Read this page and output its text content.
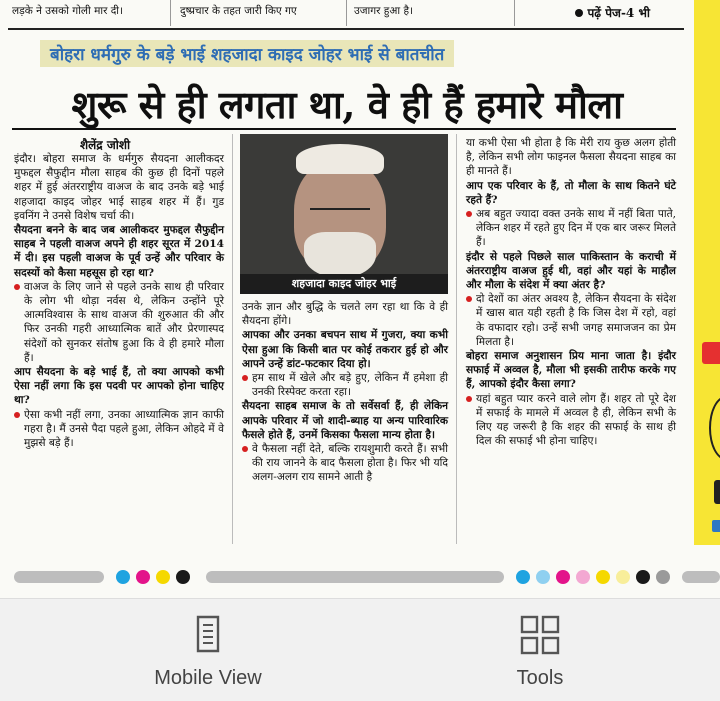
लड़के ने उसको गोली मार दी।	दुष्प्रचार के तहत जारी किए गए	उजागर हुआ है।	पढ़ें पेज-4 भी
बोहरा धर्मगुरु के बड़े भाई शहजादा काइद जोहर भाई से बातचीत
शुरू से ही लगता था, वे ही हैं हमारे मौला
शैलेंद्र जोशी

इंदौर। बोहरा समाज के धर्मगुरु सैयदना आलीकदर मुफद्दल सैफुद्दीन मौला साहब की कुछ ही दिनों पहले शहर में हुई अंतरराष्ट्रीय वाअज के बाद उनके बड़े भाई शहजादा काइद जोहर भाई साहब शहर में हैं। गुड इवनिंग ने उनसे विशेष चर्चा की।

सैयदना बनने के बाद जब आलीकदर मुफद्दल सैफुद्दीन साहब ने पहली वाअज अपने ही शहर सूरत में 2014 में दी। इस पहली वाअज के पूर्व उन्हें और परिवार के सदस्यों को कैसा महसूस हो रहा था?

वाअज के लिए जाने से पहले उनके साथ ही परिवार के लोग भी थोड़ा नर्वस थे, लेकिन उन्होंने पूरे आत्मविश्वास के साथ वाअज की शुरुआत की और फिर उनकी गहरी आध्यात्मिक बातें और प्रेरणास्पद संदेशों को सुनकर संतोष हुआ कि वे ही हमारे मौला हैं।

आप सैयदना के बड़े भाई हैं, तो क्या आपको कभी ऐसा नहीं लगा कि इस पदवी पर आपको होना चाहिए था?

ऐसा कभी नहीं लगा, उनका आध्यात्मिक ज्ञान काफी गहरा है। मैं उनसे पैदा पहले हुआ, लेकिन ओहदे में वे मुझसे बड़े हैं।

शहजादा काइद जोहर भाई

उनके ज्ञान और बुद्धि के चलते लग रहा था कि वे ही सैयदना होंगे।

आपका और उनका बचपन साथ में गुजरा, क्या कभी ऐसा हुआ कि किसी बात पर कोई तकरार हुई हो और आपने उन्हें डांट-फटकार दिया हो।

हम साथ में खेले और बड़े हुए, लेकिन मैं हमेशा ही उनकी रिस्पेक्ट करता रहा।

सैयदना साहब समाज के तो सर्वेसर्वा हैं, ही लेकिन आपके परिवार में जो शादी-ब्याह या अन्य पारिवारिक फैसले होते हैं, उनमें किसका फैसला मान्य होता है।

वे फैसला नहीं देते, बल्कि रायशुमारी करते हैं। सभी की राय जानने के बाद फैसला होता है। फिर भी यदि अलग-अलग राय सामने आती है

या कभी ऐसा भी होता है कि मेरी राय कुछ अलग होती है, लेकिन सभी लोग फाइनल फैसला सैयदना साहब का ही मानते हैं।

आप एक परिवार के हैं, तो मौला के साथ कितने घंटे रहते हैं?

अब बहुत ज्यादा वक्त उनके साथ में नहीं बिता पाते, लेकिन शहर में रहते हुए दिन में एक बार जरूर मिलते हैं।

इंदौर से पहले पिछले साल पाकिस्तान के कराची में अंतरराष्ट्रीय वाअज हुई थी, वहां और यहां के माहौल और मौला के संदेश में क्या अंतर है?

दो देशों का अंतर अवश्य है, लेकिन सैयदना के संदेश में खास बात यही रहती है कि जिस देश में रहो, वहां के वफादार रहो। उन्हें सभी जगह समाजजन का प्रेम मिलता है।

बोहरा समाज अनुशासन प्रिय माना जाता है। इंदौर सफाई में अव्वल है, मौला भी इसकी तारीफ करके गए हैं, आपको इंदौर कैसा लगा?

यहां बहुत प्यार करने वाले लोग हैं। शहर तो पूरे देश में सफाई के मामले में अव्वल है ही, लेकिन सभी के लिए यह जरूरी है कि शहर की सफाई के साथ ही दिल की सफाई भी होना चाहिए।

Mobile View	Tools
